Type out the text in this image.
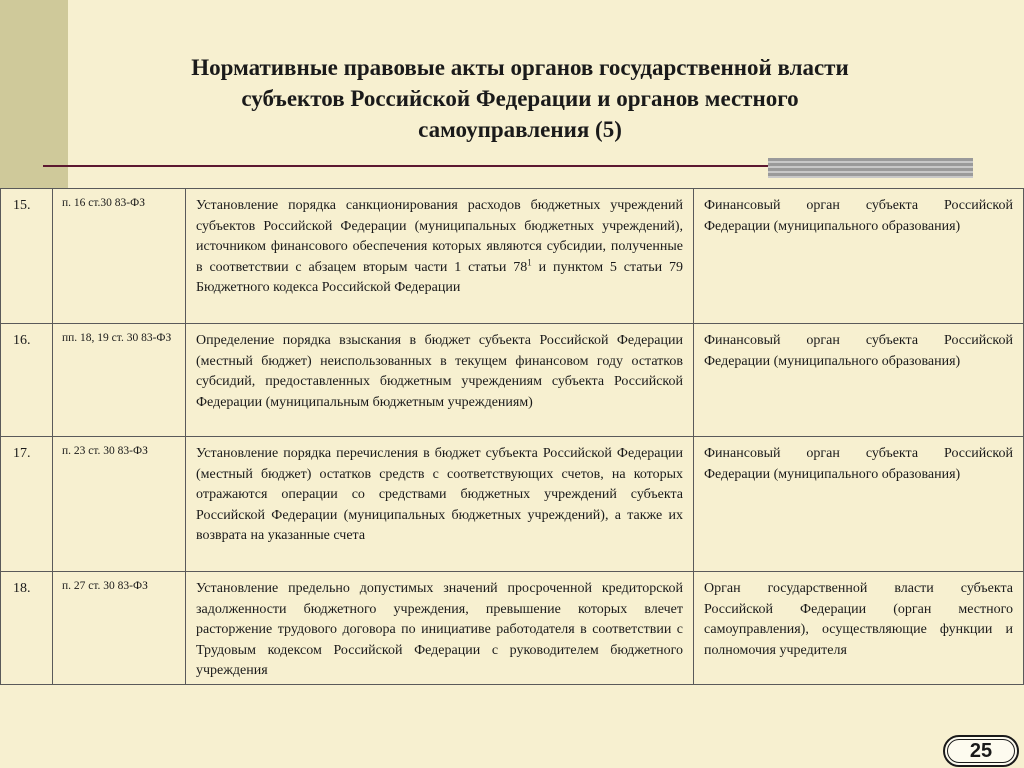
Нормативные правовые акты органов государственной власти
субъектов Российской Федерации и органов местного
самоуправления (5)
15.	п. 16 ст.30 83-ФЗ	Установление порядка санкционирования расходов бюджетных учреждений субъектов Российской Федерации (муниципальных бюджетных учреждений), источником финансового обеспечения которых являются субсидии, полученные в соответствии с абзацем вторым части 1 статьи $78^1$ и пунктом 5 статьи 79 Бюджетного кодекса Российской Федерации	Финансовый орган субъекта Российской Федерации (муниципального образования)
16.	пп. 18, 19 ст. 30 83-ФЗ	Определение порядка взыскания в бюджет субъекта Российской Федерации (местный бюджет) неиспользованных в текущем финансовом году остатков субсидий, предоставленных бюджетным учреждениям субъекта Российской Федерации (муниципальным бюджетным учреждениям)	Финансовый орган субъекта Российской Федерации (муниципального образования)
17.	п. 23 ст. 30 83-ФЗ	Установление порядка перечисления в бюджет субъекта Российской Федерации (местный бюджет) остатков средств с соответствующих счетов, на которых отражаются операции со средствами бюджетных учреждений субъекта Российской Федерации (муниципальных бюджетных учреждений), а также их возврата на указанные счета	Финансовый орган субъекта Российской Федерации (муниципального образования)
18.	п. 27 ст. 30 83-ФЗ	Установление предельно допустимых значений просроченной кредиторской задолженности бюджетного учреждения, превышение которых влечет расторжение трудового договора по инициативе работодателя в соответствии с Трудовым кодексом Российской Федерации с руководителем бюджетного учреждения	Орган государственной власти субъекта Российской Федерации (орган местного самоуправления), осуществляющие функции и полномочия учредителя
25
